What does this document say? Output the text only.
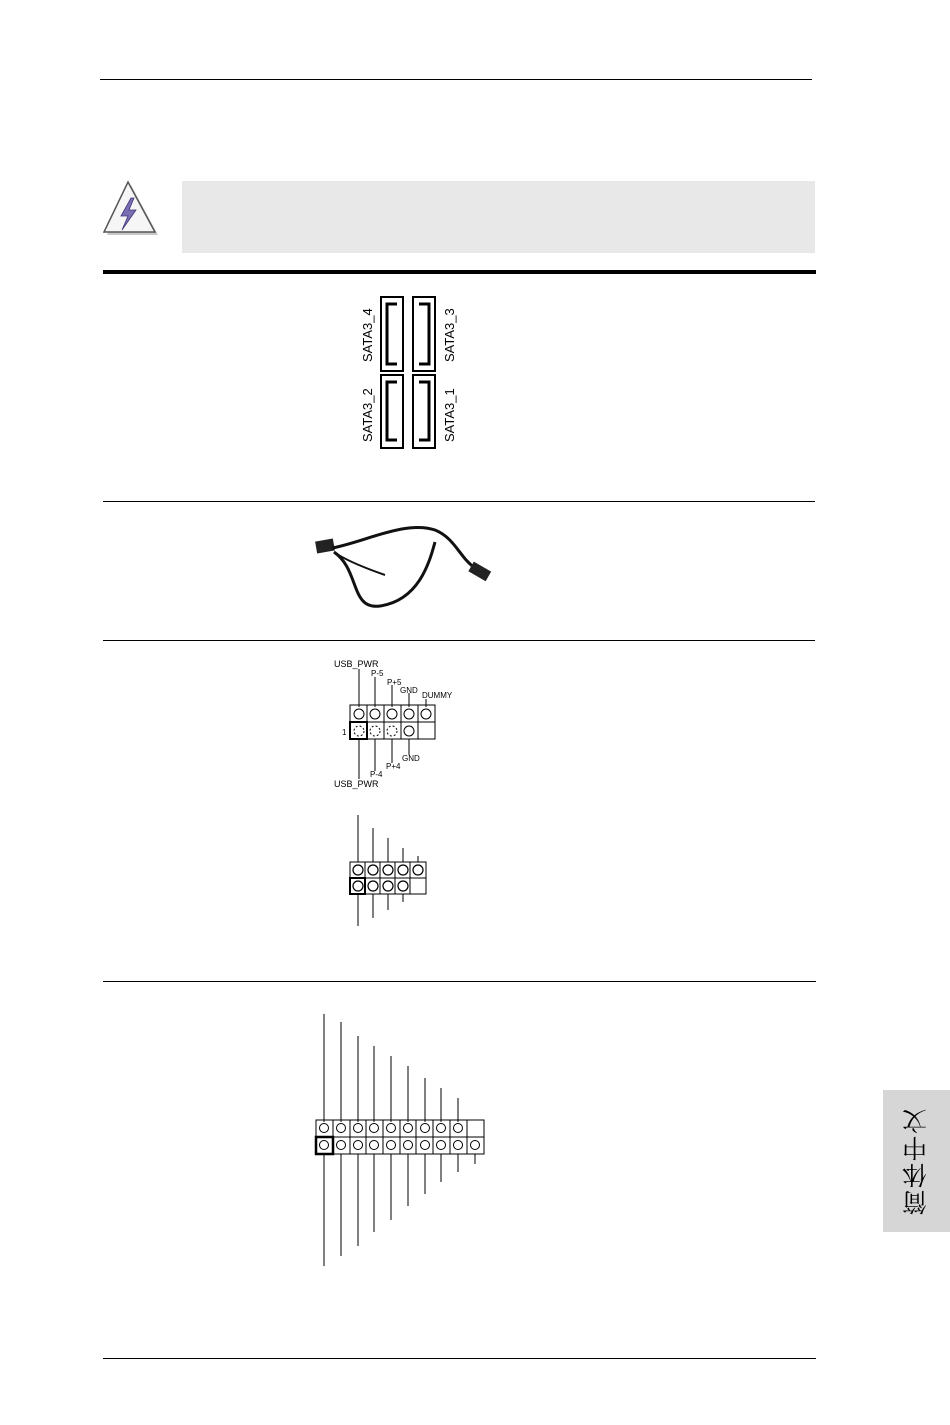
SATA3_4	SATA3_3
SATA3_2	SATA3_1
USB_PWR
P-5
P+5
GND
DUMMY
1
GND
P+4
P-4
USB_PWR
简体中文
